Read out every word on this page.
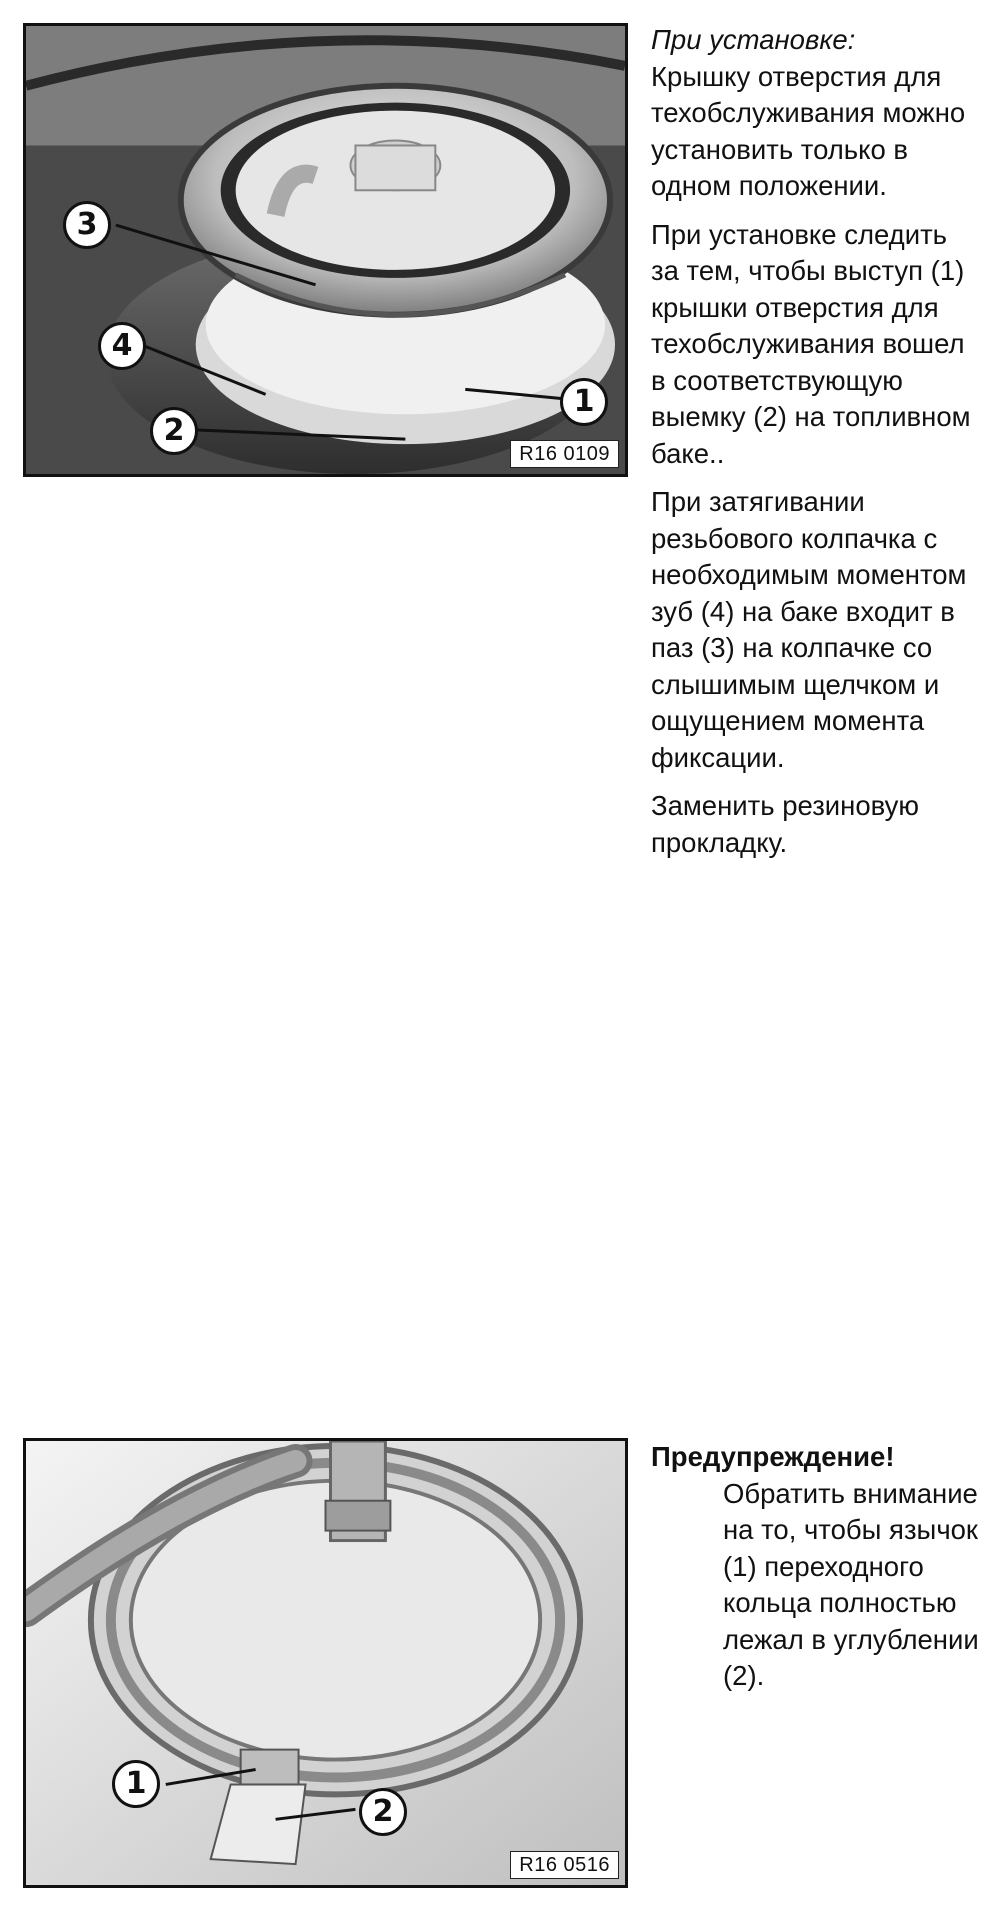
3
4
2
1
R16 0109

При установке:
Крышку отверстия для техобслуживания можно установить только в одном положении.

При установке следить за тем, чтобы выступ (1) крышки отверстия для техобслуживания вошел в соответствующую выемку (2) на топливном баке..

При затягивании резьбового колпачка с необходимым моментом зуб (4) на баке входит в паз (3) на колпачке со слышимым щелчком и ощущением момента фиксации.

Заменить резиновую прокладку.

1
2
R16 0516
Предупреждение!
Обратить внимание на то, чтобы язычок (1) переходного кольца полностью лежал в углублении (2).
